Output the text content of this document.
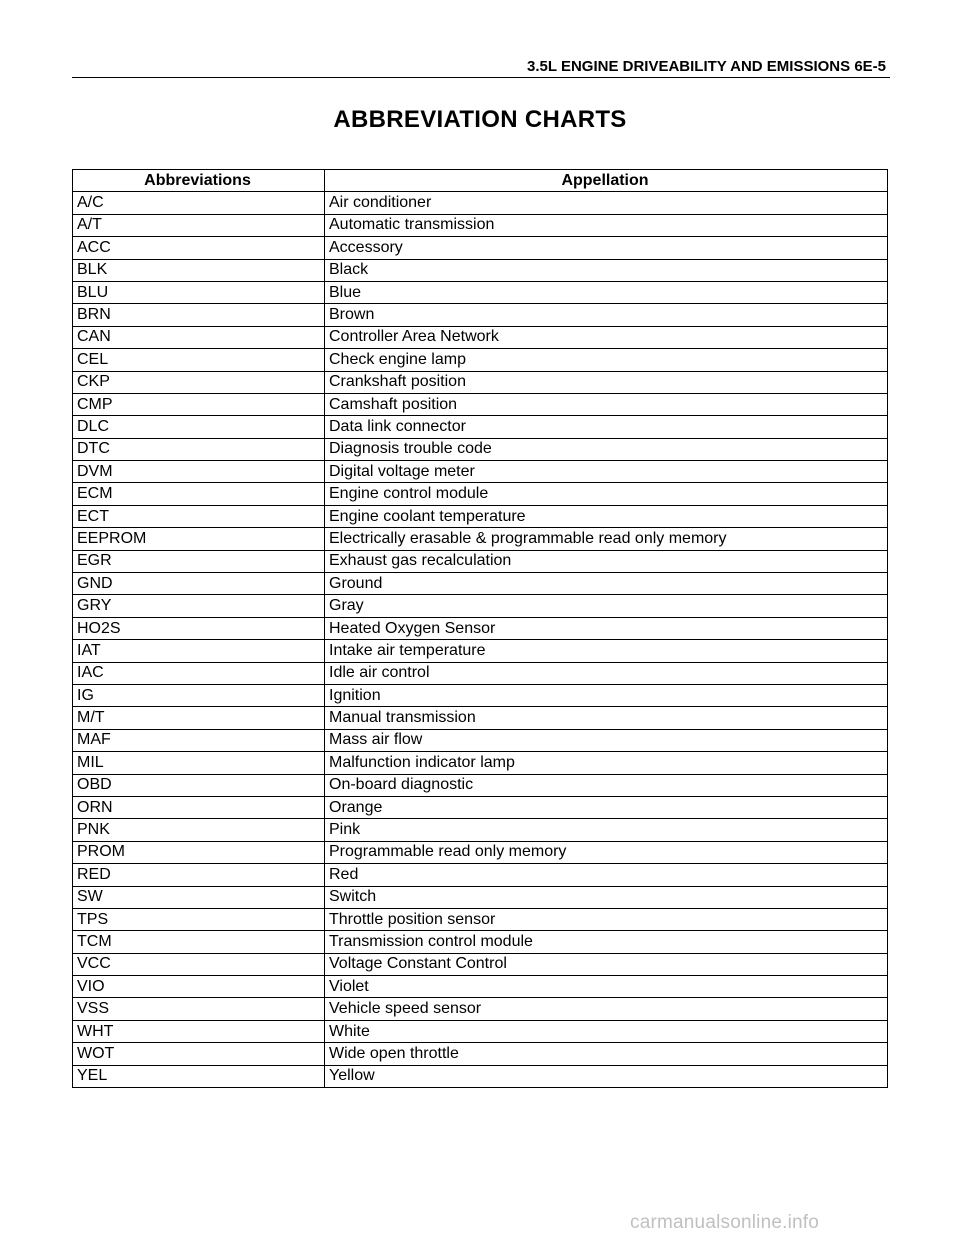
3.5L ENGINE DRIVEABILITY AND EMISSIONS 6E-5
ABBREVIATION CHARTS
Abbreviations	Appellation
A/C	Air conditioner
A/T	Automatic transmission
ACC	Accessory
BLK	Black
BLU	Blue
BRN	Brown
CAN	Controller Area Network
CEL	Check engine lamp
CKP	Crankshaft position
CMP	Camshaft position
DLC	Data link connector
DTC	Diagnosis trouble code
DVM	Digital voltage meter
ECM	Engine control module
ECT	Engine coolant temperature
EEPROM	Electrically erasable & programmable read only memory
EGR	Exhaust gas recalculation
GND	Ground
GRY	Gray
HO2S	Heated Oxygen Sensor
IAT	Intake air temperature
IAC	Idle air control
IG	Ignition
M/T	Manual transmission
MAF	Mass air flow
MIL	Malfunction indicator lamp
OBD	On-board diagnostic
ORN	Orange
PNK	Pink
PROM	Programmable read only memory
RED	Red
SW	Switch
TPS	Throttle position sensor
TCM	Transmission control module
VCC	Voltage Constant Control
VIO	Violet
VSS	Vehicle speed sensor
WHT	White
WOT	Wide open throttle
YEL	Yellow
carmanualsonline.info
